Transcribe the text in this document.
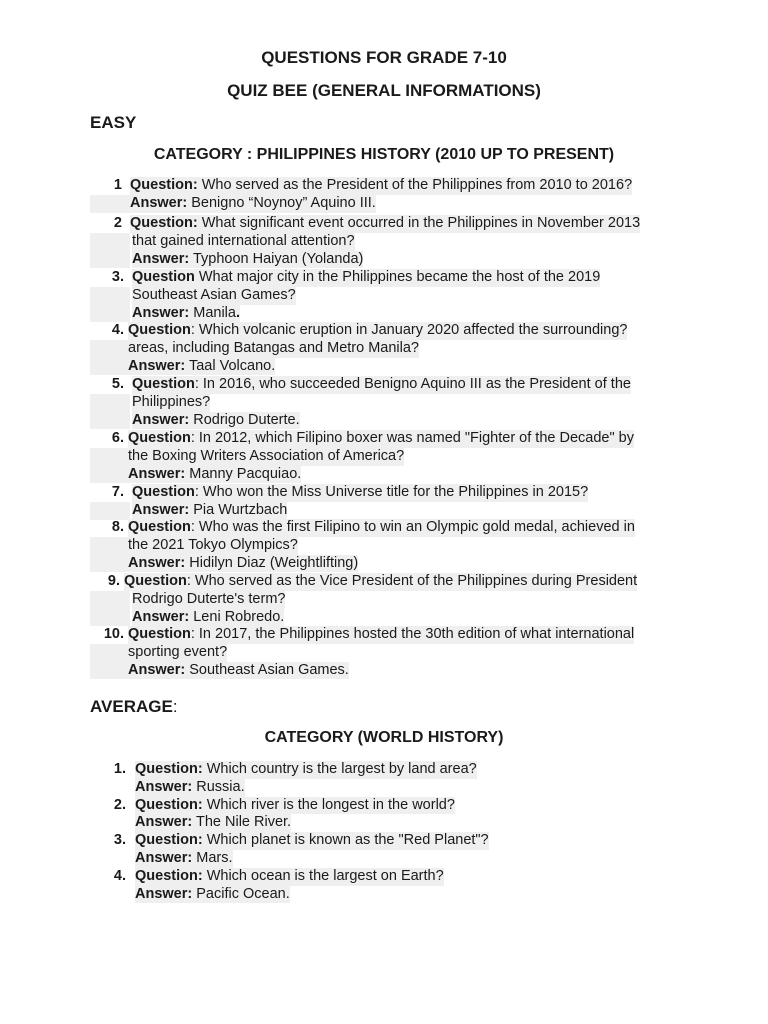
QUESTIONS FOR GRADE 7-10
QUIZ BEE (GENERAL INFORMATIONS)
EASY
CATEGORY : PHILIPPINES HISTORY (2010 UP TO PRESENT)
1 Question: Who served as the President of the Philippines from 2010 to 2016?
Answer: Benigno “Noynoy” Aquino III.
2 Question: What significant event occurred in the Philippines in November 2013
that gained international attention?
Answer: Typhoon Haiyan (Yolanda)
3. Question What major city in the Philippines became the host of the 2019
Southeast Asian Games?
Answer: Manila.
4. Question: Which volcanic eruption in January 2020 affected the surrounding?
areas, including Batangas and Metro Manila?
Answer: Taal Volcano.
5. Question: In 2016, who succeeded Benigno Aquino III as the President of the
Philippines?
Answer: Rodrigo Duterte.
6. Question: In 2012, which Filipino boxer was named "Fighter of the Decade" by
the Boxing Writers Association of America?
Answer: Manny Pacquiao.
7. Question: Who won the Miss Universe title for the Philippines in 2015?
Answer: Pia Wurtzbach
8. Question: Who was the first Filipino to win an Olympic gold medal, achieved in
the 2021 Tokyo Olympics?
Answer: Hidilyn Diaz (Weightlifting)
9. Question: Who served as the Vice President of the Philippines during President
Rodrigo Duterte's term?
Answer: Leni Robredo.
10. Question: In 2017, the Philippines hosted the 30th edition of what international
sporting event?
Answer: Southeast Asian Games.
AVERAGE:
CATEGORY (WORLD HISTORY)
1. Question: Which country is the largest by land area?
Answer: Russia.
2. Question: Which river is the longest in the world?
Answer: The Nile River.
3. Question: Which planet is known as the "Red Planet"?
Answer: Mars.
4. Question: Which ocean is the largest on Earth?
Answer: Pacific Ocean.
